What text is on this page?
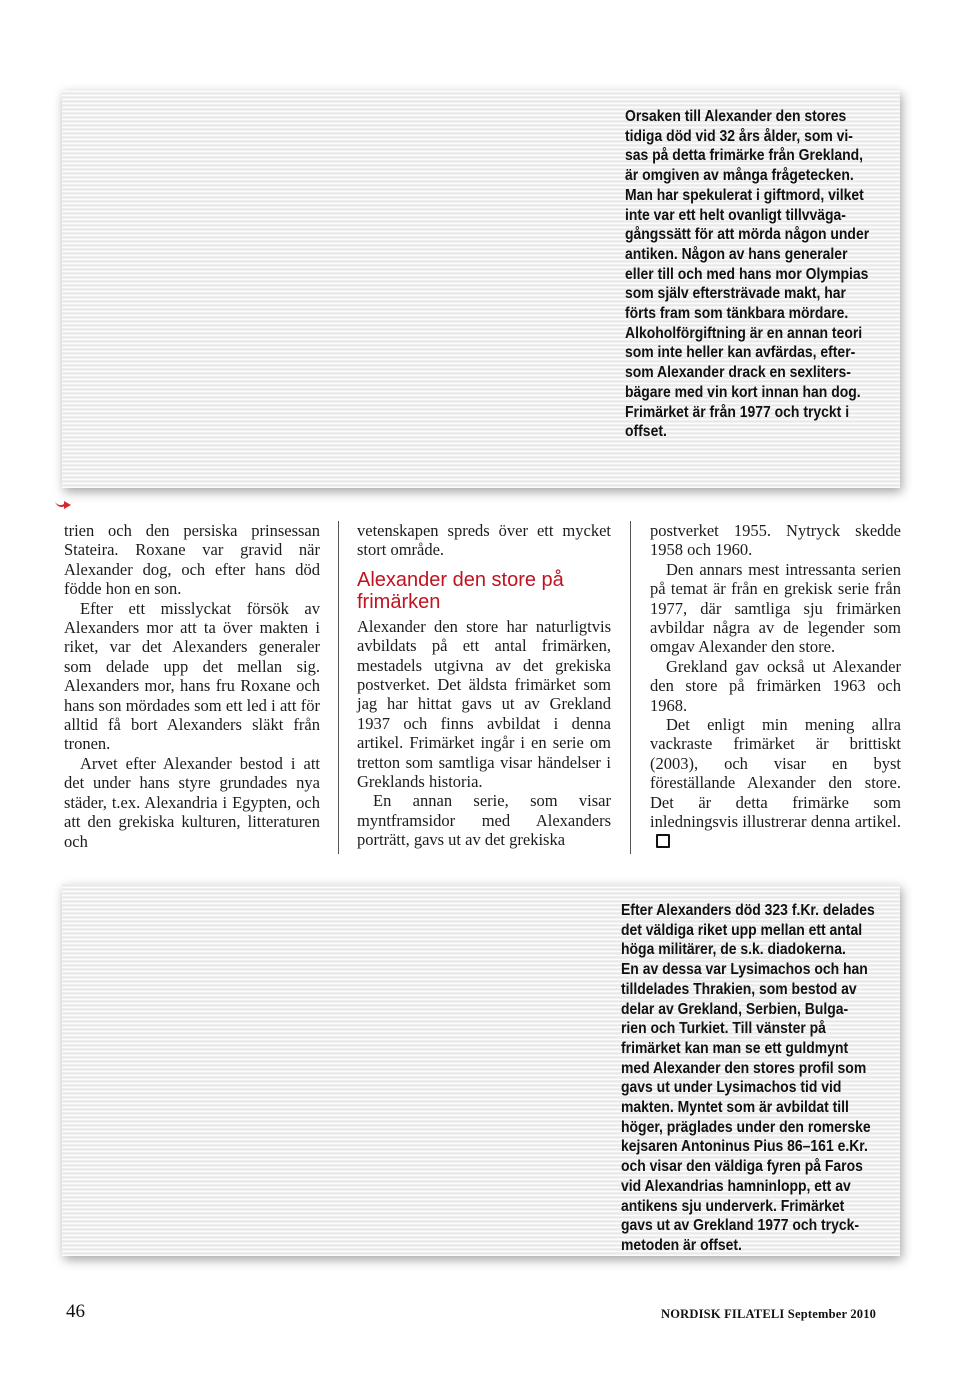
Orsaken till Alexander den stores
tidiga död vid 32 års ålder, som vi-
sas på detta frimärke från Grekland,
är omgiven av många frågetecken.
Man har spekulerat i giftmord, vilket
inte var ett helt ovanligt tillvväga-
gångssätt för att mörda någon under
antiken. Någon av hans generaler
eller till och med hans mor Olympias
som själv eftersträvade makt, har
förts fram som tänkbara mördare.
Alkoholförgiftning är en annan teori
som inte heller kan avfärdas, efter-
som Alexander drack en sexliters-
bägare med vin kort innan han dog.
Frimärket är från 1977 och tryckt i
offset.

trien och den persiska prinsessan Stateira. Roxane var gravid när Alexander dog, och efter hans död födde hon en son.

Efter ett misslyckat försök av Alexanders mor att ta över makten i riket, var det Alexanders generaler som delade upp det mellan sig. Alexanders mor, hans fru Roxane och hans son mördades som ett led i att för alltid få bort Alexanders släkt från tronen.

Arvet efter Alexander bestod i att det under hans styre grundades nya städer, t.ex. Alexandria i Egypten, och att den grekiska kulturen, litteraturen och

vetenskapen spreds över ett mycket stort område.

Alexander den store på frimärken

Alexander den store har naturligtvis avbildats på ett antal frimärken, mestadels utgivna av det grekiska postverket. Det äldsta frimärket som jag har hittat gavs ut av Grekland 1937 och finns avbildat i denna artikel. Frimärket ingår i en serie om tretton som samtliga visar händelser i Greklands historia.

En annan serie, som visar myntframsidor med Alexanders porträtt, gavs ut av det grekiska

postverket 1955. Nytryck skedde 1958 och 1960.

Den annars mest intressanta serien på temat är från en grekisk serie från 1977, där samtliga sju frimärken avbildar några av de legender som omgav Alexander den store.

Grekland gav också ut Alexander den store på frimärken 1963 och 1968.

Det enligt min mening allra vackraste frimärket är brittiskt (2003), och visar en byst föreställande Alexander den store. Det är detta frimärke som inledningsvis illustrerar denna artikel.

Efter Alexanders död 323 f.Kr. delades
det väldiga riket upp mellan ett antal
höga militärer, de s.k. diadokerna.
En av dessa var Lysimachos och han
tilldelades Thrakien, som bestod av
delar av Grekland, Serbien, Bulga-
rien och Turkiet. Till vänster på
frimärket kan man se ett guldmynt
med Alexander den stores profil som
gavs ut under Lysimachos tid vid
makten. Myntet som är avbildat till
höger, präglades under den romerske
kejsaren Antoninus Pius 86–161 e.Kr.
och visar den väldiga fyren på Faros
vid Alexandrias hamninlopp, ett av
antikens sju underverk. Frimärket
gavs ut av Grekland 1977 och tryck-
metoden är offset.

46	NORDISK FILATELI September 2010
